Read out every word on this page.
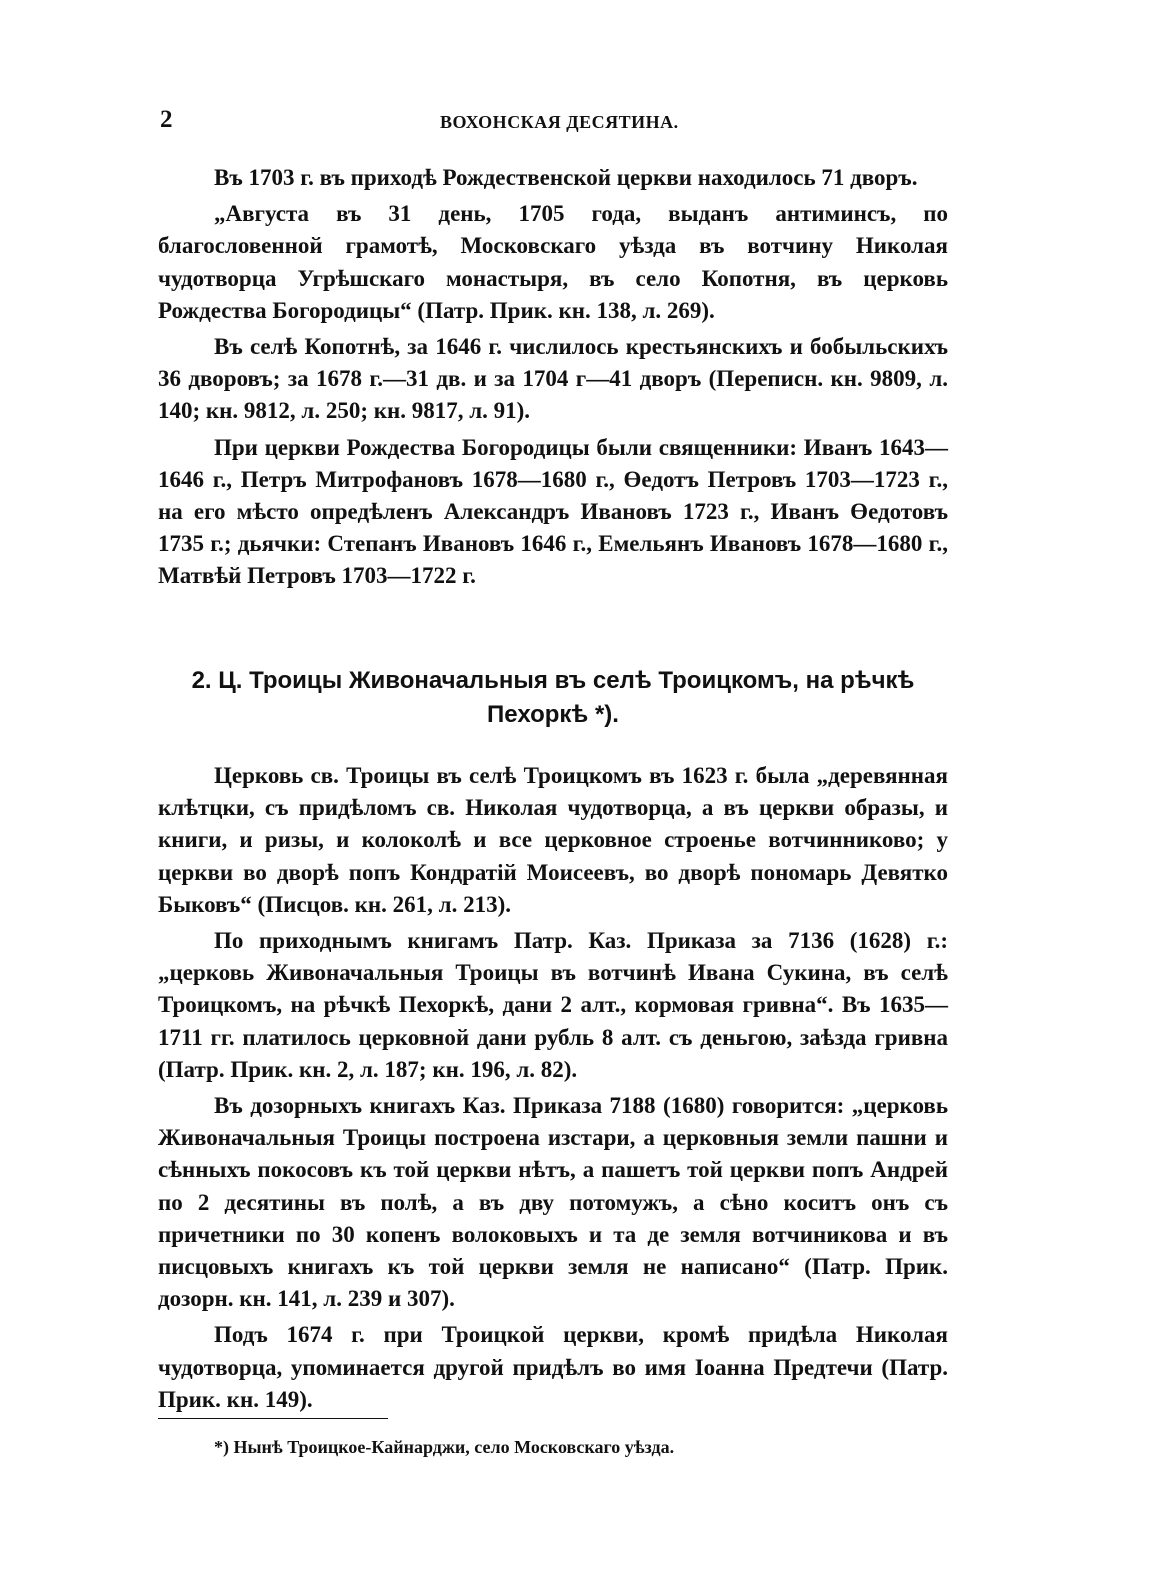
2	ВОХОНСКАЯ ДЕСЯТИНА.

Въ 1703 г. въ приходѣ Рождественской церкви находилось 71 дворъ.

„Августа въ 31 день, 1705 года, выданъ антиминсъ, по благословенной грамотѣ, Московскаго уѣзда въ вотчину Николая чудотворца Угрѣшскаго монастыря, въ село Копотня, въ церковь Рождества Богородицы“ (Патр. Прик. кн. 138, л. 269).

Въ селѣ Копотнѣ, за 1646 г. числилось крестьянскихъ и бобыльскихъ 36 дворовъ; за 1678 г.—31 дв. и за 1704 г—41 дворъ (Переписн. кн. 9809, л. 140; кн. 9812, л. 250; кн. 9817, л. 91).

При церкви Рождества Богородицы были священники: Иванъ 1643—1646 г., Петръ Митрофановъ 1678—1680 г., Өедотъ Петровъ 1703—1723 г., на его мѣсто опредѣленъ Александръ Ивановъ 1723 г., Иванъ Өедотовъ 1735 г.; дьячки: Степанъ Ивановъ 1646 г., Емельянъ Ивановъ 1678—1680 г., Матвѣй Петровъ 1703—1722 г.

2. Ц. Троицы Живоначальныя въ селѣ Троицкомъ, на рѣчкѣ Пехоркѣ *).

Церковь св. Троицы въ селѣ Троицкомъ въ 1623 г. была „деревянная клѣтцки, съ придѣломъ св. Николая чудотворца, а въ церкви образы, и книги, и ризы, и колоколѣ и все церковное строенье вотчинниково; у церкви во дворѣ попъ Кондратій Моисеевъ, во дворѣ пономарь Девятко Быковъ“ (Писцов. кн. 261, л. 213).

По приходнымъ книгамъ Патр. Каз. Приказа за 7136 (1628) г.: „церковь Живоначальныя Троицы въ вотчинѣ Ивана Сукина, въ селѣ Троицкомъ, на рѣчкѣ Пехоркѣ, дани 2 алт., кормовая гривна“. Въ 1635—1711 гг. платилось церковной дани рубль 8 алт. съ деньгою, заѣзда гривна (Патр. Прик. кн. 2, л. 187; кн. 196, л. 82).

Въ дозорныхъ книгахъ Каз. Приказа 7188 (1680) говорится: „церковь Живоначальныя Троицы построена изстари, а церковныя земли пашни и сѣнныхъ покосовъ къ той церкви нѣтъ, а пашетъ той церкви попъ Андрей по 2 десятины въ полѣ, а въ дву потомужъ, а сѣно коситъ онъ съ причетники по 30 копенъ волоковыхъ и та де земля вотчиникова и въ писцовыхъ книгахъ къ той церкви земля не написано“ (Патр. Прик. дозорн. кн. 141, л. 239 и 307).

Подъ 1674 г. при Троицкой церкви, кромѣ придѣла Николая чудотворца, упоминается другой придѣлъ во имя Іоанна Предтечи (Патр. Прик. кн. 149).

*) Нынѣ Троицкое-Кайнарджи, село Московскаго уѣзда.
